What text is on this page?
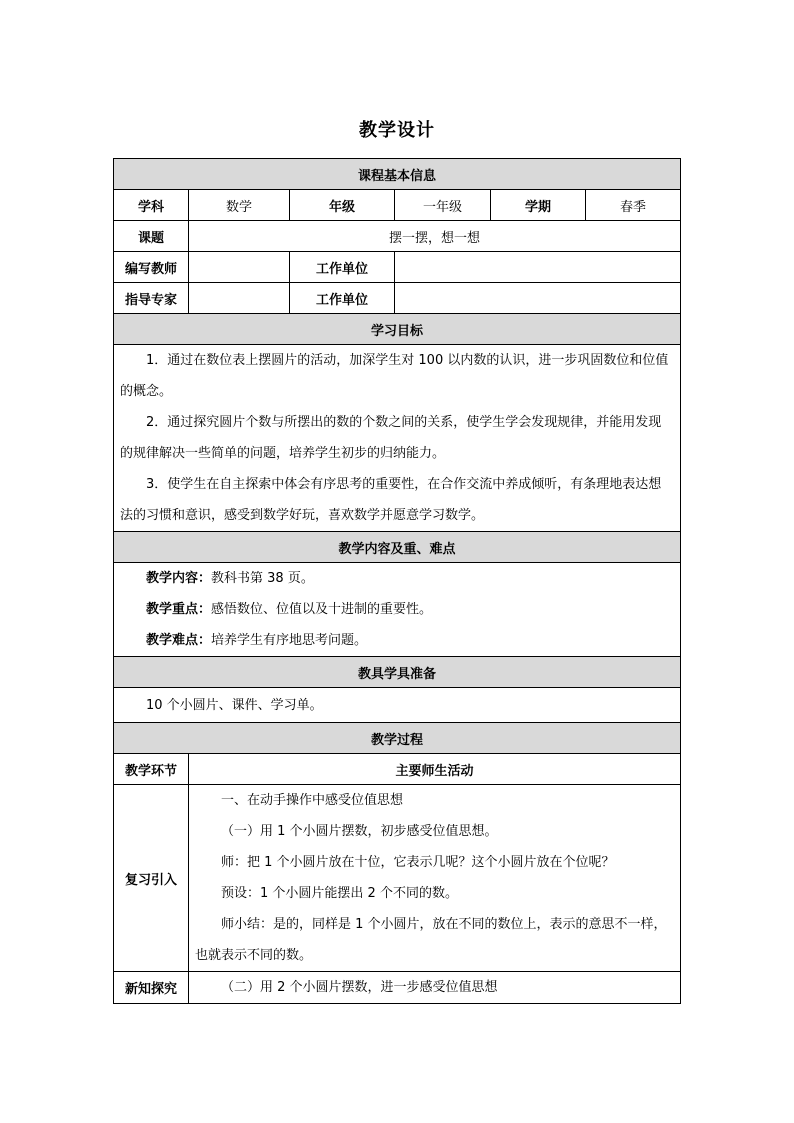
教学设计
课程基本信息					
学科	数学	年级	一年级	学期	春季
课题	摆一摆，想一想				
编写教师		工作单位			
指导专家		工作单位			
学习目标					

1．通过在数位表上摆圆片的活动，加深学生对 100 以内数的认识，进一步巩固数位和位值的概念。

2．通过探究圆片个数与所摆出的数的个数之间的关系，使学生学会发现规律，并能用发现的规律解决一些简单的问题，培养学生初步的归纳能力。

3．使学生在自主探索中体会有序思考的重要性，在合作交流中养成倾听，有条理地表达想法的习惯和意识，感受到数学好玩，喜欢数学并愿意学习数学。					

教学内容及重、难点					

教学内容：教科书第 38 页。

教学重点：感悟数位、位值以及十进制的重要性。

教学难点：培养学生有序地思考问题。					

教具学具准备					

10 个小圆片、课件、学习单。					

教学过程					
教学环节	主要师生活动				
复习引入	一、在动手操作中感受位值思想

（一）用 1 个小圆片摆数，初步感受位值思想。

师：把 1 个小圆片放在十位，它表示几呢？这个小圆片放在个位呢？

预设：1 个小圆片能摆出 2 个不同的数。

师小结：是的，同样是 1 个小圆片，放在不同的数位上，表示的意思不一样，也就表示不同的数。				

新知探究	（二）用 2 个小圆片摆数，进一步感受位值思想				
